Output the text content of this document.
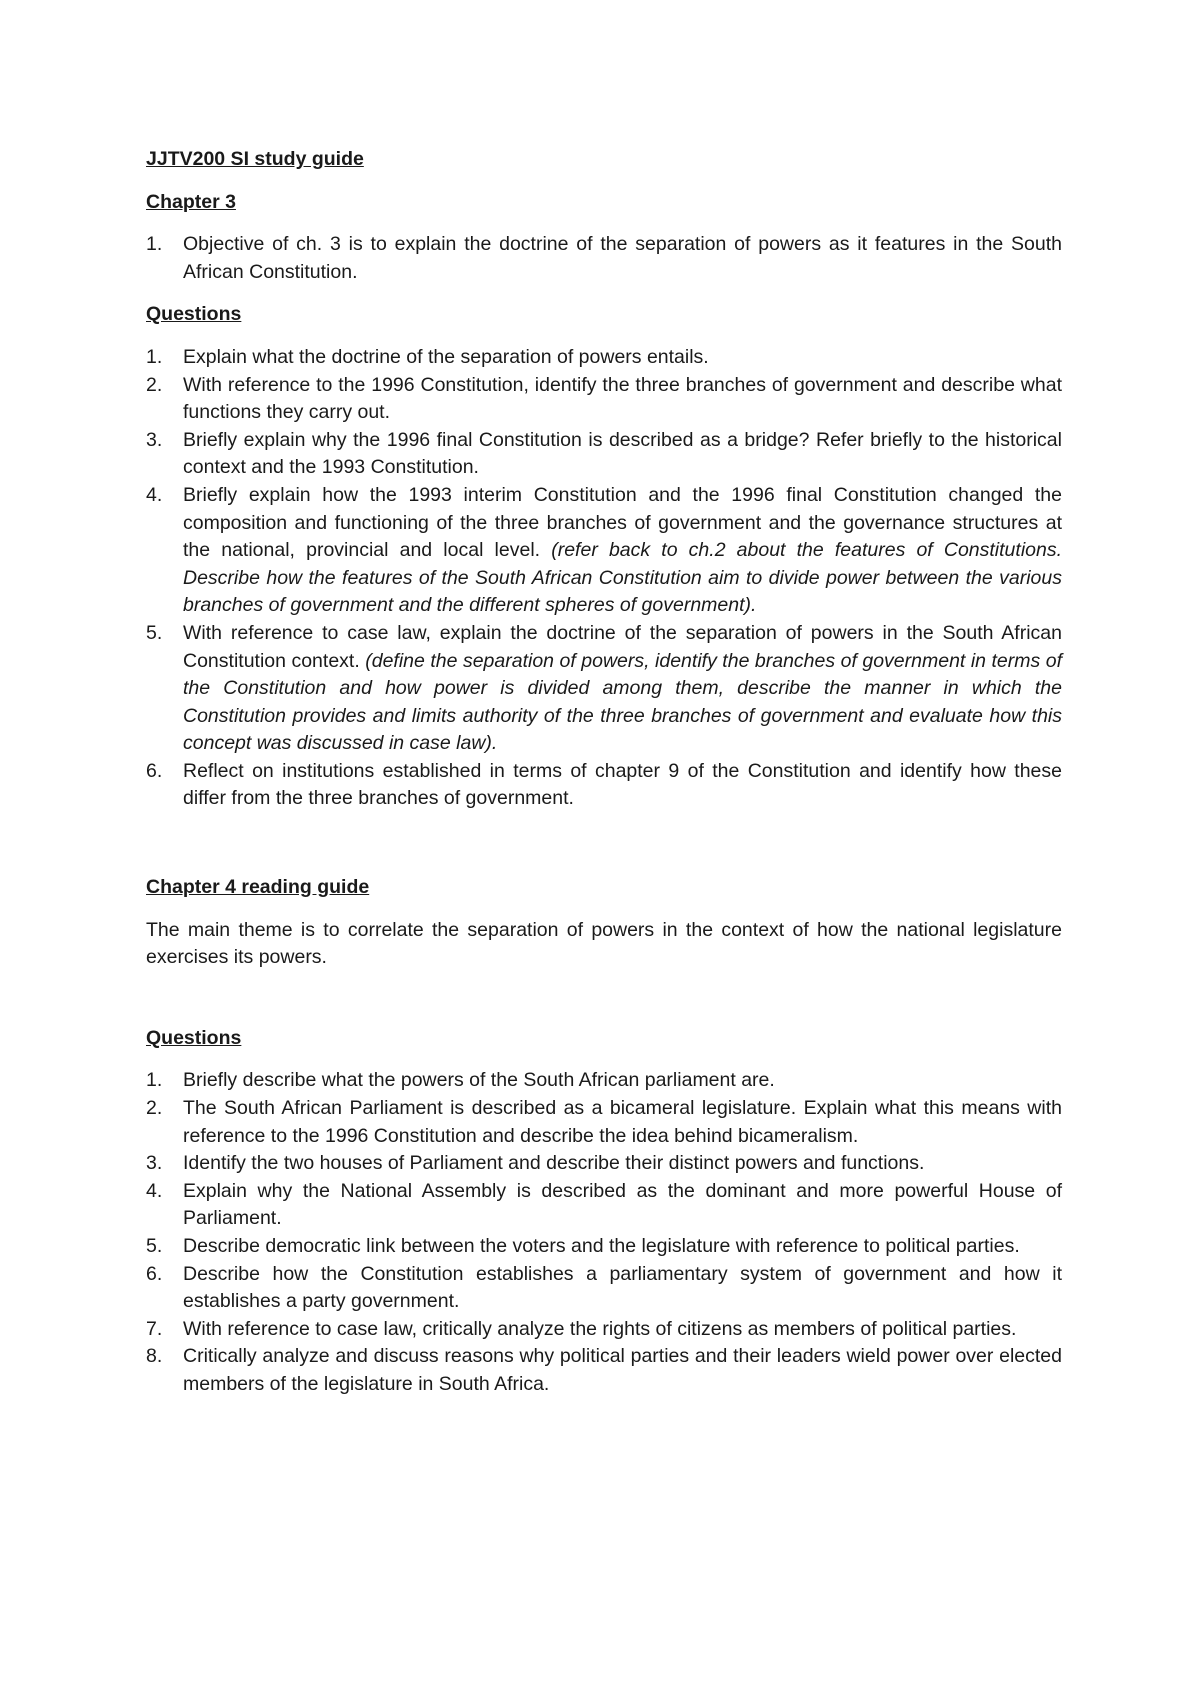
JJTV200 SI study guide

Chapter 3

1. Objective of ch. 3 is to explain the doctrine of the separation of powers as it features in the South African Constitution.

Questions

1. Explain what the doctrine of the separation of powers entails.
2. With reference to the 1996 Constitution, identify the three branches of government and describe what functions they carry out.
3. Briefly explain why the 1996 final Constitution is described as a bridge? Refer briefly to the historical context and the 1993 Constitution.
4. Briefly explain how the 1993 interim Constitution and the 1996 final Constitution changed the composition and functioning of the three branches of government and the governance structures at the national, provincial and local level. (refer back to ch.2 about the features of Constitutions. Describe how the features of the South African Constitution aim to divide power between the various branches of government and the different spheres of government).
5. With reference to case law, explain the doctrine of the separation of powers in the South African Constitution context. (define the separation of powers, identify the branches of government in terms of the Constitution and how power is divided among them, describe the manner in which the Constitution provides and limits authority of the three branches of government and evaluate how this concept was discussed in case law).
6. Reflect on institutions established in terms of chapter 9 of the Constitution and identify how these differ from the three branches of government.

Chapter 4 reading guide

The main theme is to correlate the separation of powers in the context of how the national legislature exercises its powers.

Questions

1. Briefly describe what the powers of the South African parliament are.
2. The South African Parliament is described as a bicameral legislature. Explain what this means with reference to the 1996 Constitution and describe the idea behind bicameralism.
3. Identify the two houses of Parliament and describe their distinct powers and functions.
4. Explain why the National Assembly is described as the dominant and more powerful House of Parliament.
5. Describe democratic link between the voters and the legislature with reference to political parties.
6. Describe how the Constitution establishes a parliamentary system of government and how it establishes a party government.
7. With reference to case law, critically analyze the rights of citizens as members of political parties.
8. Critically analyze and discuss reasons why political parties and their leaders wield power over elected members of the legislature in South Africa.
